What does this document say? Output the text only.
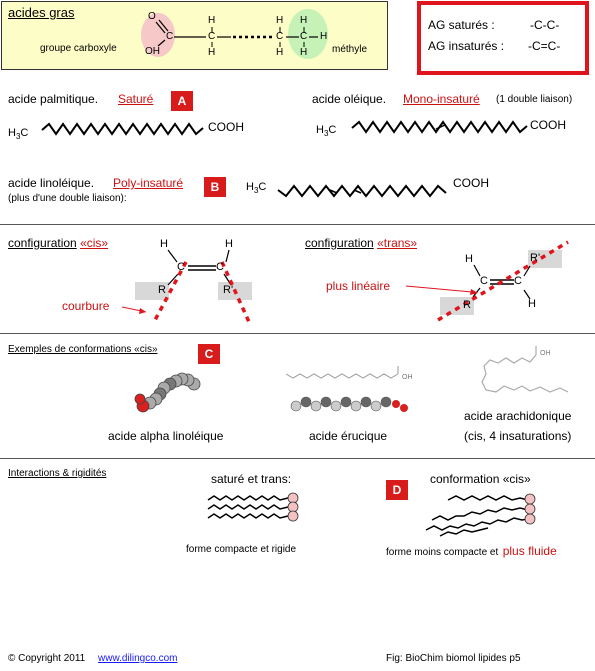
acides gras	O
OH
C	C
H
H
C
H
H
C
H
H
H
groupe carboxyle	méthyle
AG saturés :	-C-C-
AG insaturés : -C=C-
acide palmitique. Saturé	A	acide oléique. Mono-insaturé (1 double liaison)
$H_3C$	COOH	$H_3C$	COOH
acide linoléique. Poly-insaturé	B
(plus d'une double liaison):
$H_3C$	COOH
configuration «cis»	configuration «trans»
H	H
C	C
R	R'
courbure
H
C C
H
R
R'
plus linéaire
Exemples de conformations «cis»	C
acide alpha linoléique
OH
acide érucique
OH
acide arachidonique
(cis, 4 insaturations)
Interactions & rigidités	saturé et trans:
D
conformation «cis»
forme compacte et rigide	forme moins compacte et plus fluide
© Copyright 2011 www.dilingco.com	Fig: BioChim biomol lipides p5
